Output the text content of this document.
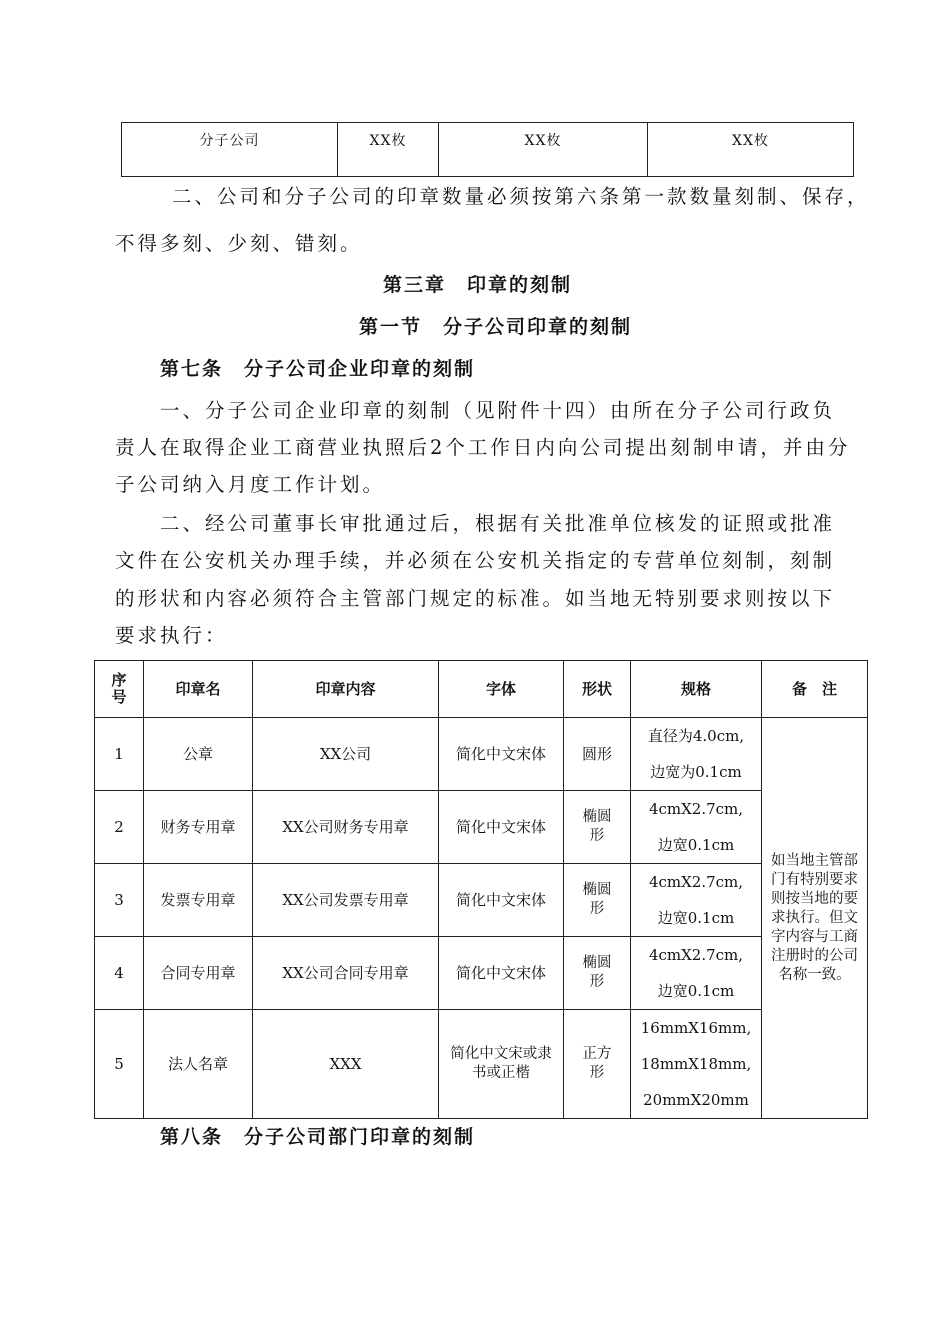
分子公司	XX枚	XX枚	XX枚
二、公司和分子公司的印章数量必须按第六条第一款数量刻制、保存，
不得多刻、少刻、错刻。
第三章　印章的刻制
第一节　分子公司印章的刻制
第七条　分子公司企业印章的刻制
一、分子公司企业印章的刻制（见附件十四）由所在分子公司行政负
责人在取得企业工商营业执照后2个工作日内向公司提出刻制申请，并由分
子公司纳入月度工作计划。
二、经公司董事长审批通过后，根据有关批准单位核发的证照或批准
文件在公安机关办理手续，并必须在公安机关指定的专营单位刻制，刻制
的形状和内容必须符合主管部门规定的标准。如当地无特别要求则按以下
要求执行：
序
号	印章名	印章内容	字体	形状	规格	备　注
1	公章	XX公司	简化中文宋体	圆形	直径为4.0cm,
边宽为0.1cm	如当地主管部门有特别要求则按当地的要求执行。但文字内容与工商注册时的公司名称一致。
2	财务专用章	XX公司财务专用章	简化中文宋体	椭圆形	4cmX2.7cm,
边宽0.1cm	

3	发票专用章	XX公司发票专用章	简化中文宋体	椭圆形	4cmX2.7cm,
边宽0.1cm	

4	合同专用章	XX公司合同专用章	简化中文宋体	椭圆形	4cmX2.7cm,
边宽0.1cm	

5	法人名章	XXX	简化中文宋或隶书或正楷	正方形	16mmX16mm,
18mmX18mm,
20mmX20mm	
第八条　分子公司部门印章的刻制
